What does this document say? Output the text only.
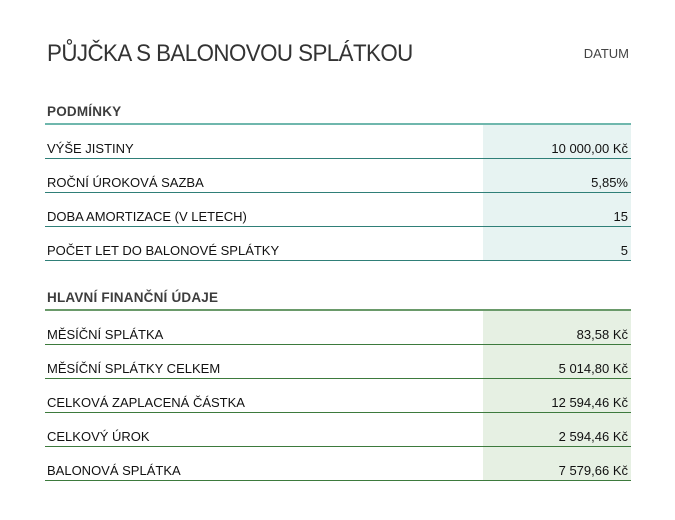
PŮJČKA S BALONOVOU SPLÁTKOU	DATUM
PODMÍNKY
VÝŠE JISTINY	10 000,00 Kč
ROČNÍ ÚROKOVÁ SAZBA	5,85%
DOBA AMORTIZACE (V LETECH)	15
POČET LET DO BALONOVÉ SPLÁTKY	5
HLAVNÍ FINANČNÍ ÚDAJE
MĚSÍČNÍ SPLÁTKA	83,58 Kč
MĚSÍČNÍ SPLÁTKY CELKEM	5 014,80 Kč
CELKOVÁ ZAPLACENÁ ČÁSTKA	12 594,46 Kč
CELKOVÝ ÚROK	2 594,46 Kč
BALONOVÁ SPLÁTKA	7 579,66 Kč
